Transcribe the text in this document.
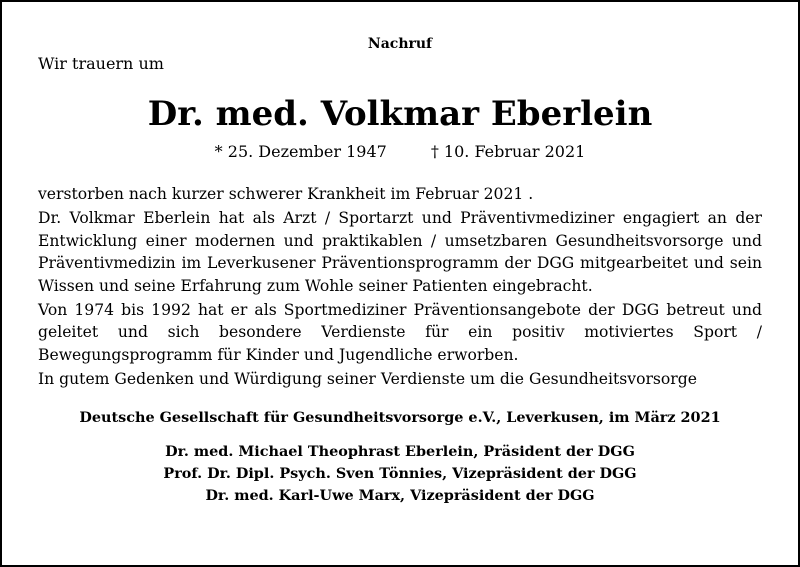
Nachruf
Wir trauern um
Dr. med. Volkmar Eberlein
* 25. Dezember 1947	† 10. Februar 2021

verstorben nach kurzer schwerer Krankheit im Februar 2021 .

Dr. Volkmar Eberlein hat als Arzt / Sportarzt und Präventivmediziner engagiert an der Entwicklung einer modernen und praktikablen / umsetzbaren Gesundheitsvorsorge und Präventivmedizin im Leverkusener Präventionsprogramm der DGG mitgearbeitet und sein Wissen und seine Erfahrung zum Wohle seiner Patienten eingebracht.

Von 1974 bis 1992 hat er als Sportmediziner Präventionsangebote der DGG betreut und geleitet und sich besondere Verdienste für ein positiv motiviertes Sport / Bewegungsprogramm für Kinder und Jugendliche erworben.

In gutem Gedenken und Würdigung seiner Verdienste um die Gesundheitsvorsorge

Deutsche Gesellschaft für Gesundheitsvorsorge e.V., Leverkusen, im März 2021
Dr. med. Michael Theophrast Eberlein, Präsident der DGG
Prof. Dr. Dipl. Psych. Sven Tönnies, Vizepräsident der DGG
Dr. med. Karl-Uwe Marx, Vizepräsident der DGG
